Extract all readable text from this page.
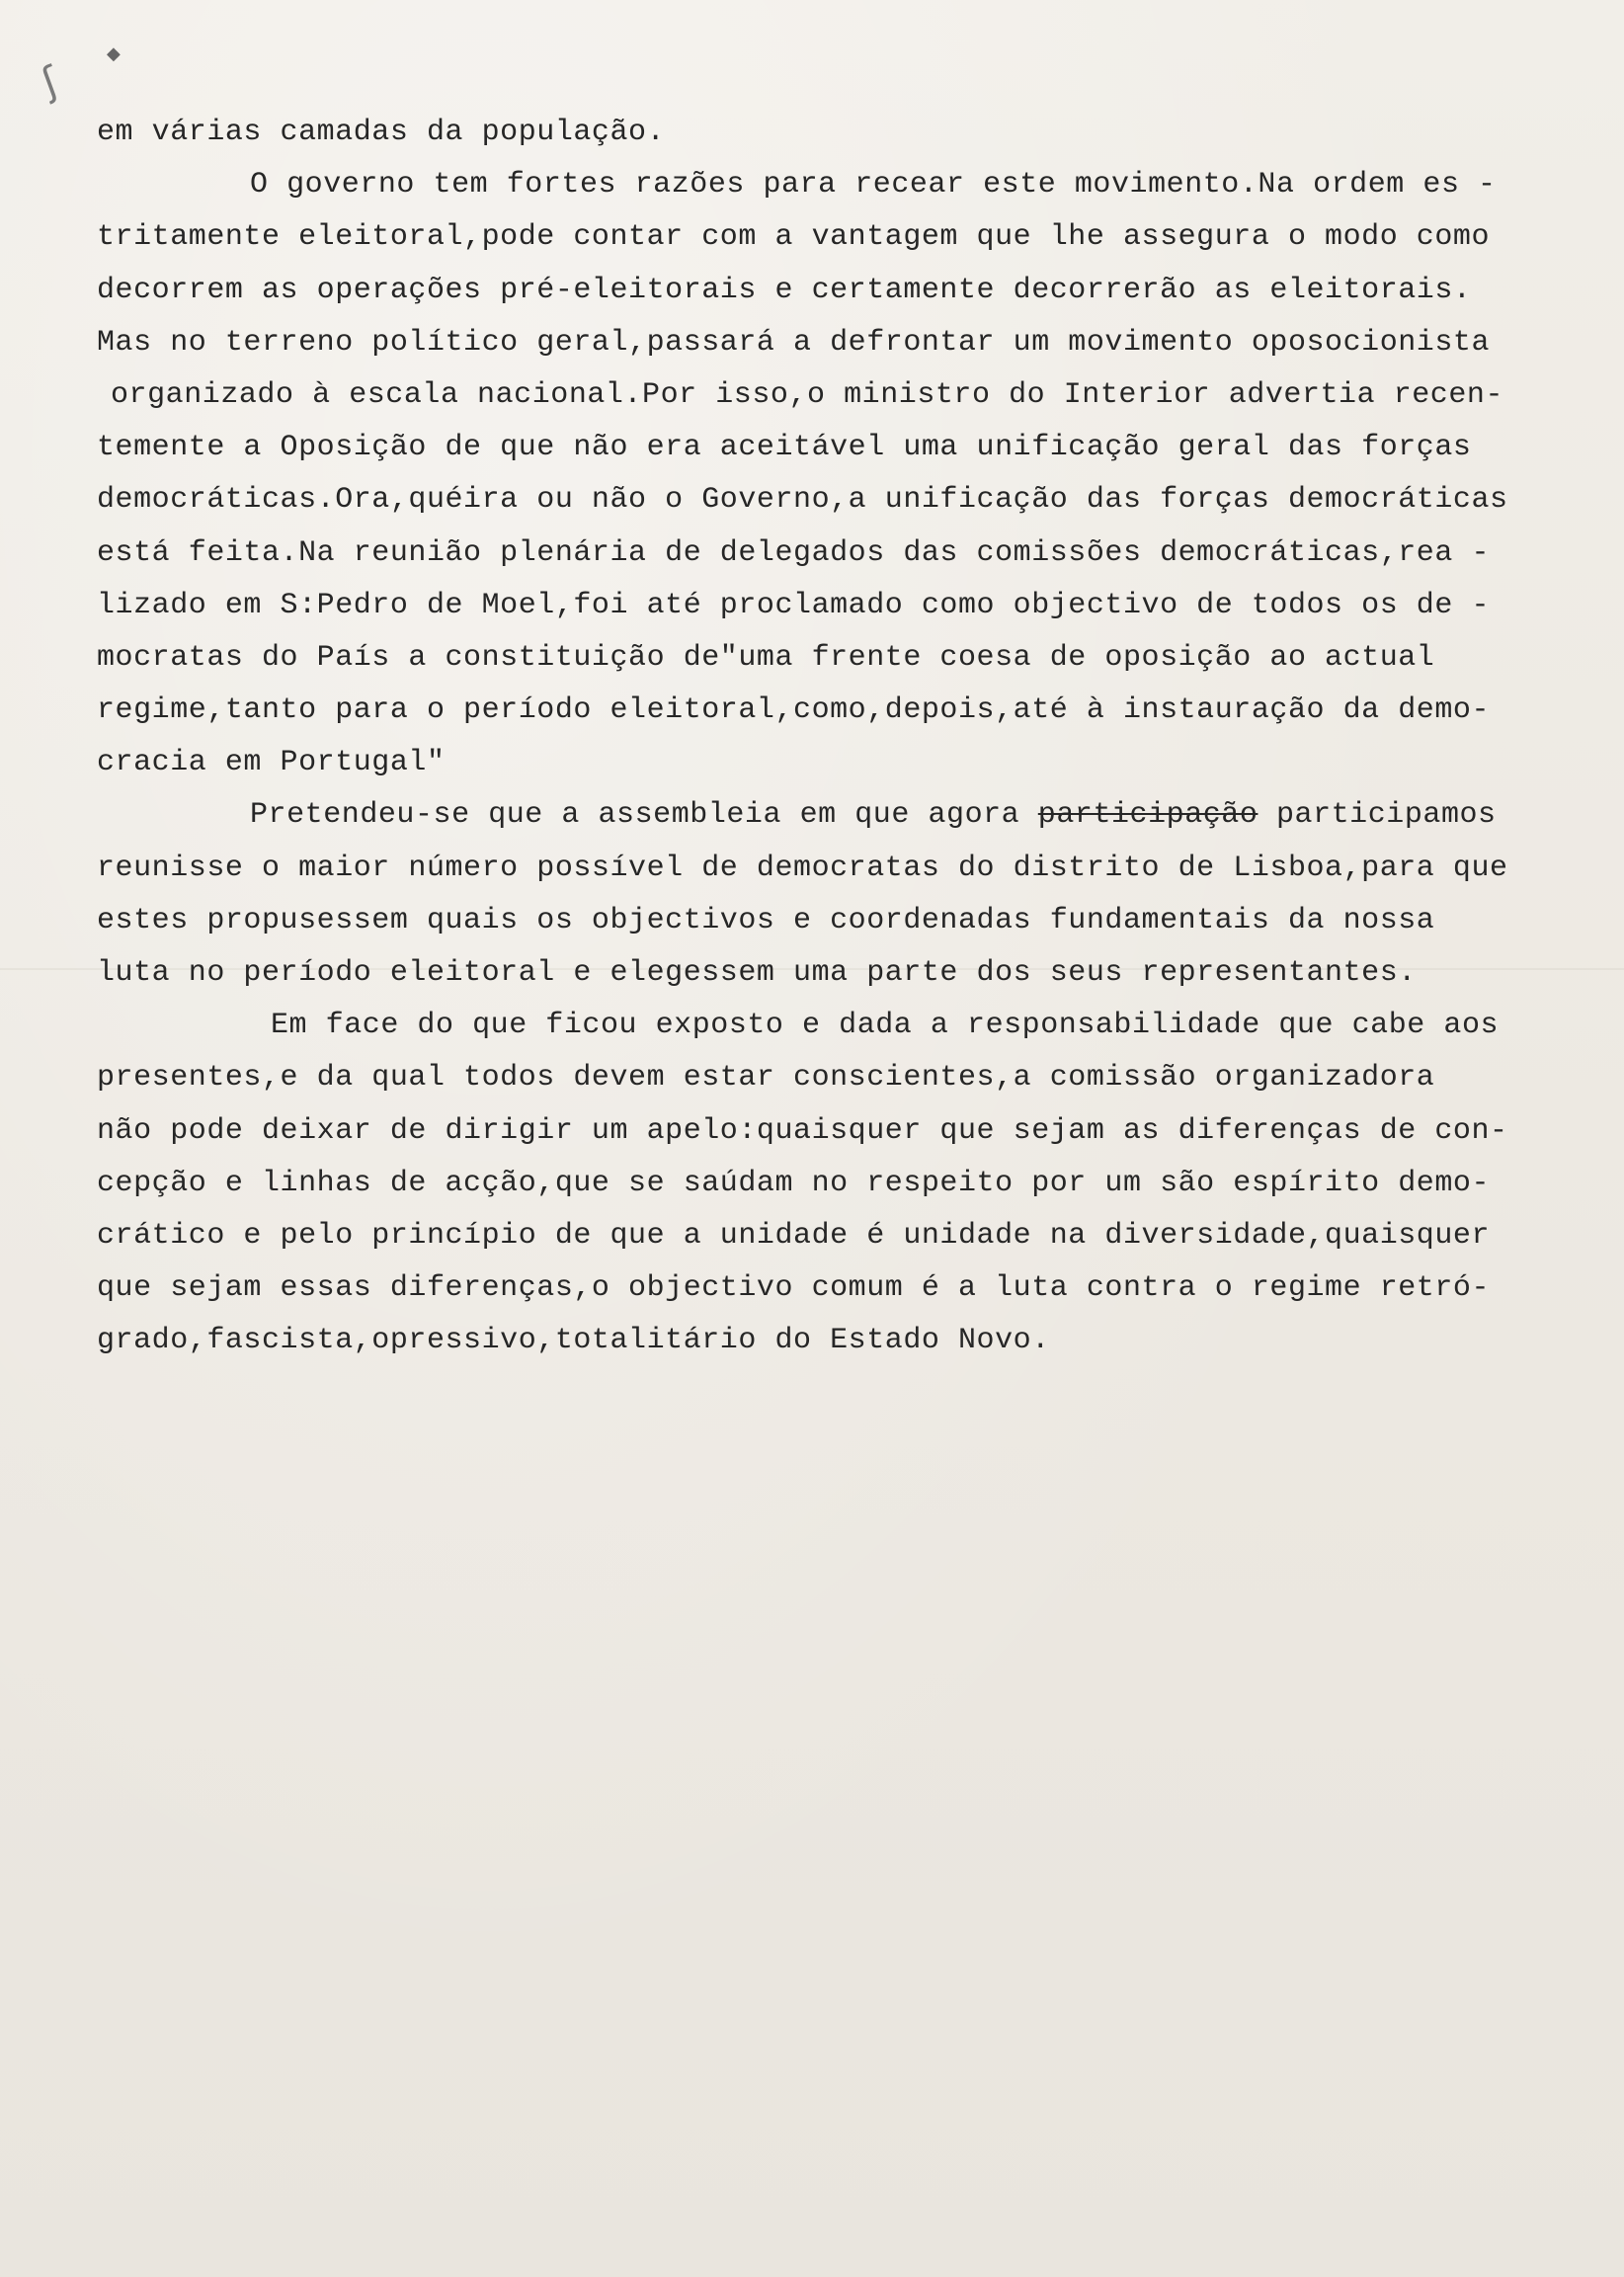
ʃ
◆
em várias camadas da população.
O governo tem fortes razões para recear este movimento.Na ordem es -
tritamente eleitoral,pode contar com a vantagem que lhe assegura o modo como
decorrem as operações pré-eleitorais e certamente decorrerão as eleitorais.
Mas no terreno político geral,passará a defrontar um movimento oposocionista
organizado à escala nacional.Por isso,o ministro do Interior advertia recen-
temente a Oposição de que não era aceitável uma unificação geral das forças
democráticas.Ora,quéira ou não o Governo,a unificação das forças democráticas
está feita.Na reunião plenária de delegados das comissões democráticas,rea -
lizado em S:Pedro de Moel,foi até proclamado como objectivo de todos os de -
mocratas do País a constituição de"uma frente coesa de oposição ao actual
regime,tanto para o período eleitoral,como,depois,até à instauração da demo-
cracia em Portugal"
Pretendeu-se que a assembleia em que agora participação participamos
reunisse o maior número possível de democratas do distrito de Lisboa,para que
estes propusessem quais os objectivos e coordenadas fundamentais da nossa
luta no período eleitoral e elegessem uma parte dos seus representantes.
Em face do que ficou exposto e dada a responsabilidade que cabe aos
presentes,e da qual todos devem estar conscientes,a comissão organizadora
não pode deixar de dirigir um apelo:quaisquer que sejam as diferenças de con-
cepção e linhas de acção,que se saúdam no respeito por um são espírito demo-
crático e pelo princípio de que a unidade é unidade na diversidade,quaisquer
que sejam essas diferenças,o objectivo comum é a luta contra o regime retró-
grado,fascista,opressivo,totalitário do Estado Novo.
